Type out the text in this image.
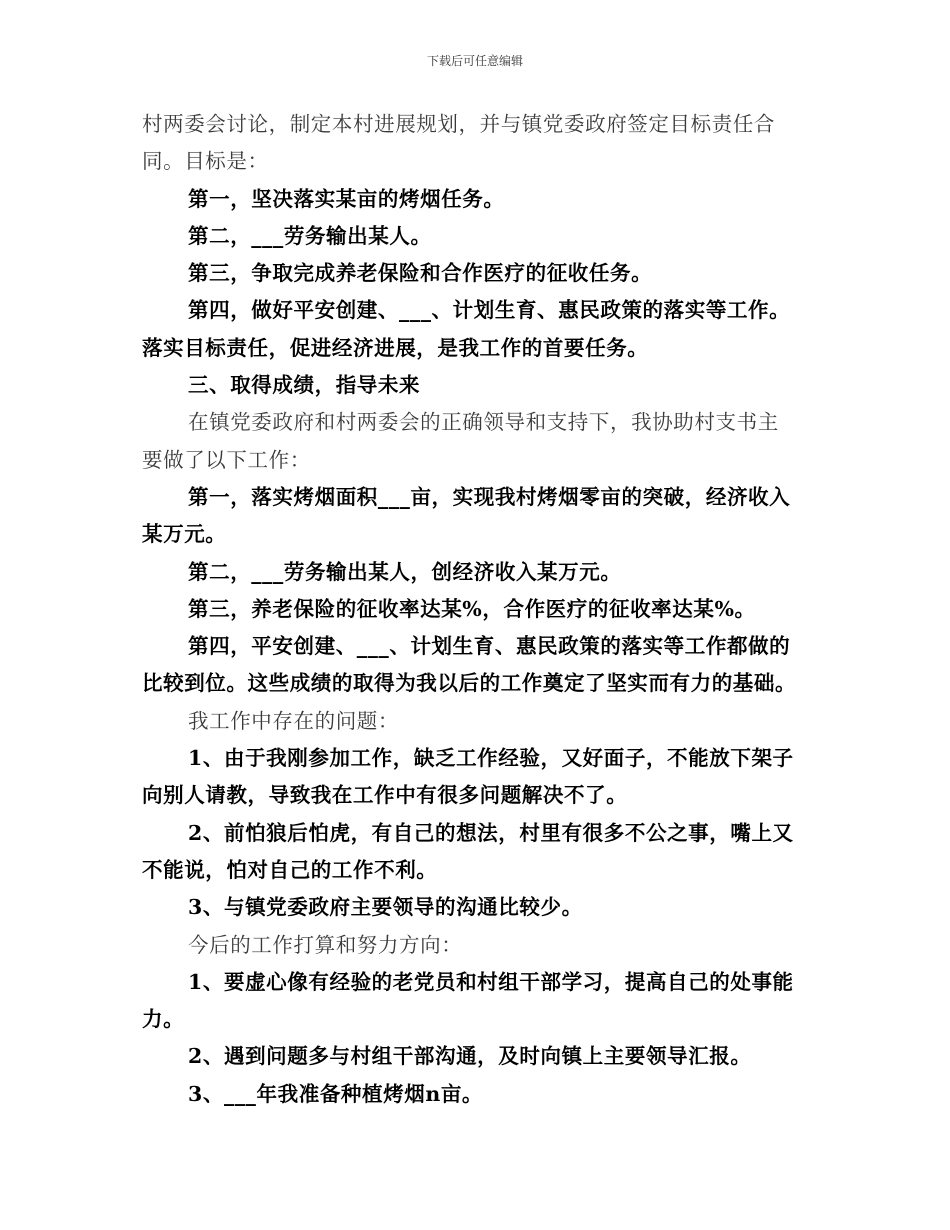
下载后可任意编辑
村两委会讨论，制定本村进展规划，并与镇党委政府签定目标责任合
同。目标是：
第一，坚决落实某亩的烤烟任务。
第二，___劳务输出某人。
第三，争取完成养老保险和合作医疗的征收任务。
第四，做好平安创建、___、计划生育、惠民政策的落实等工作。
落实目标责任，促进经济进展，是我工作的首要任务。
三、取得成绩，指导未来
在镇党委政府和村两委会的正确领导和支持下，我协助村支书主
要做了以下工作：
第一，落实烤烟面积___亩，实现我村烤烟零亩的突破，经济收入
某万元。
第二，___劳务输出某人，创经济收入某万元。
第三，养老保险的征收率达某%，合作医疗的征收率达某%。
第四，平安创建、___、计划生育、惠民政策的落实等工作都做的
比较到位。这些成绩的取得为我以后的工作奠定了坚实而有力的基础。
我工作中存在的问题：
1、由于我刚参加工作，缺乏工作经验，又好面子，不能放下架子
向别人请教，导致我在工作中有很多问题解决不了。
2、前怕狼后怕虎，有自己的想法，村里有很多不公之事，嘴上又
不能说，怕对自己的工作不利。
3、与镇党委政府主要领导的沟通比较少。
今后的工作打算和努力方向：
1、要虚心像有经验的老党员和村组干部学习，提高自己的处事能
力。
2、遇到问题多与村组干部沟通，及时向镇上主要领导汇报。
3、___年我准备种植烤烟n亩。
